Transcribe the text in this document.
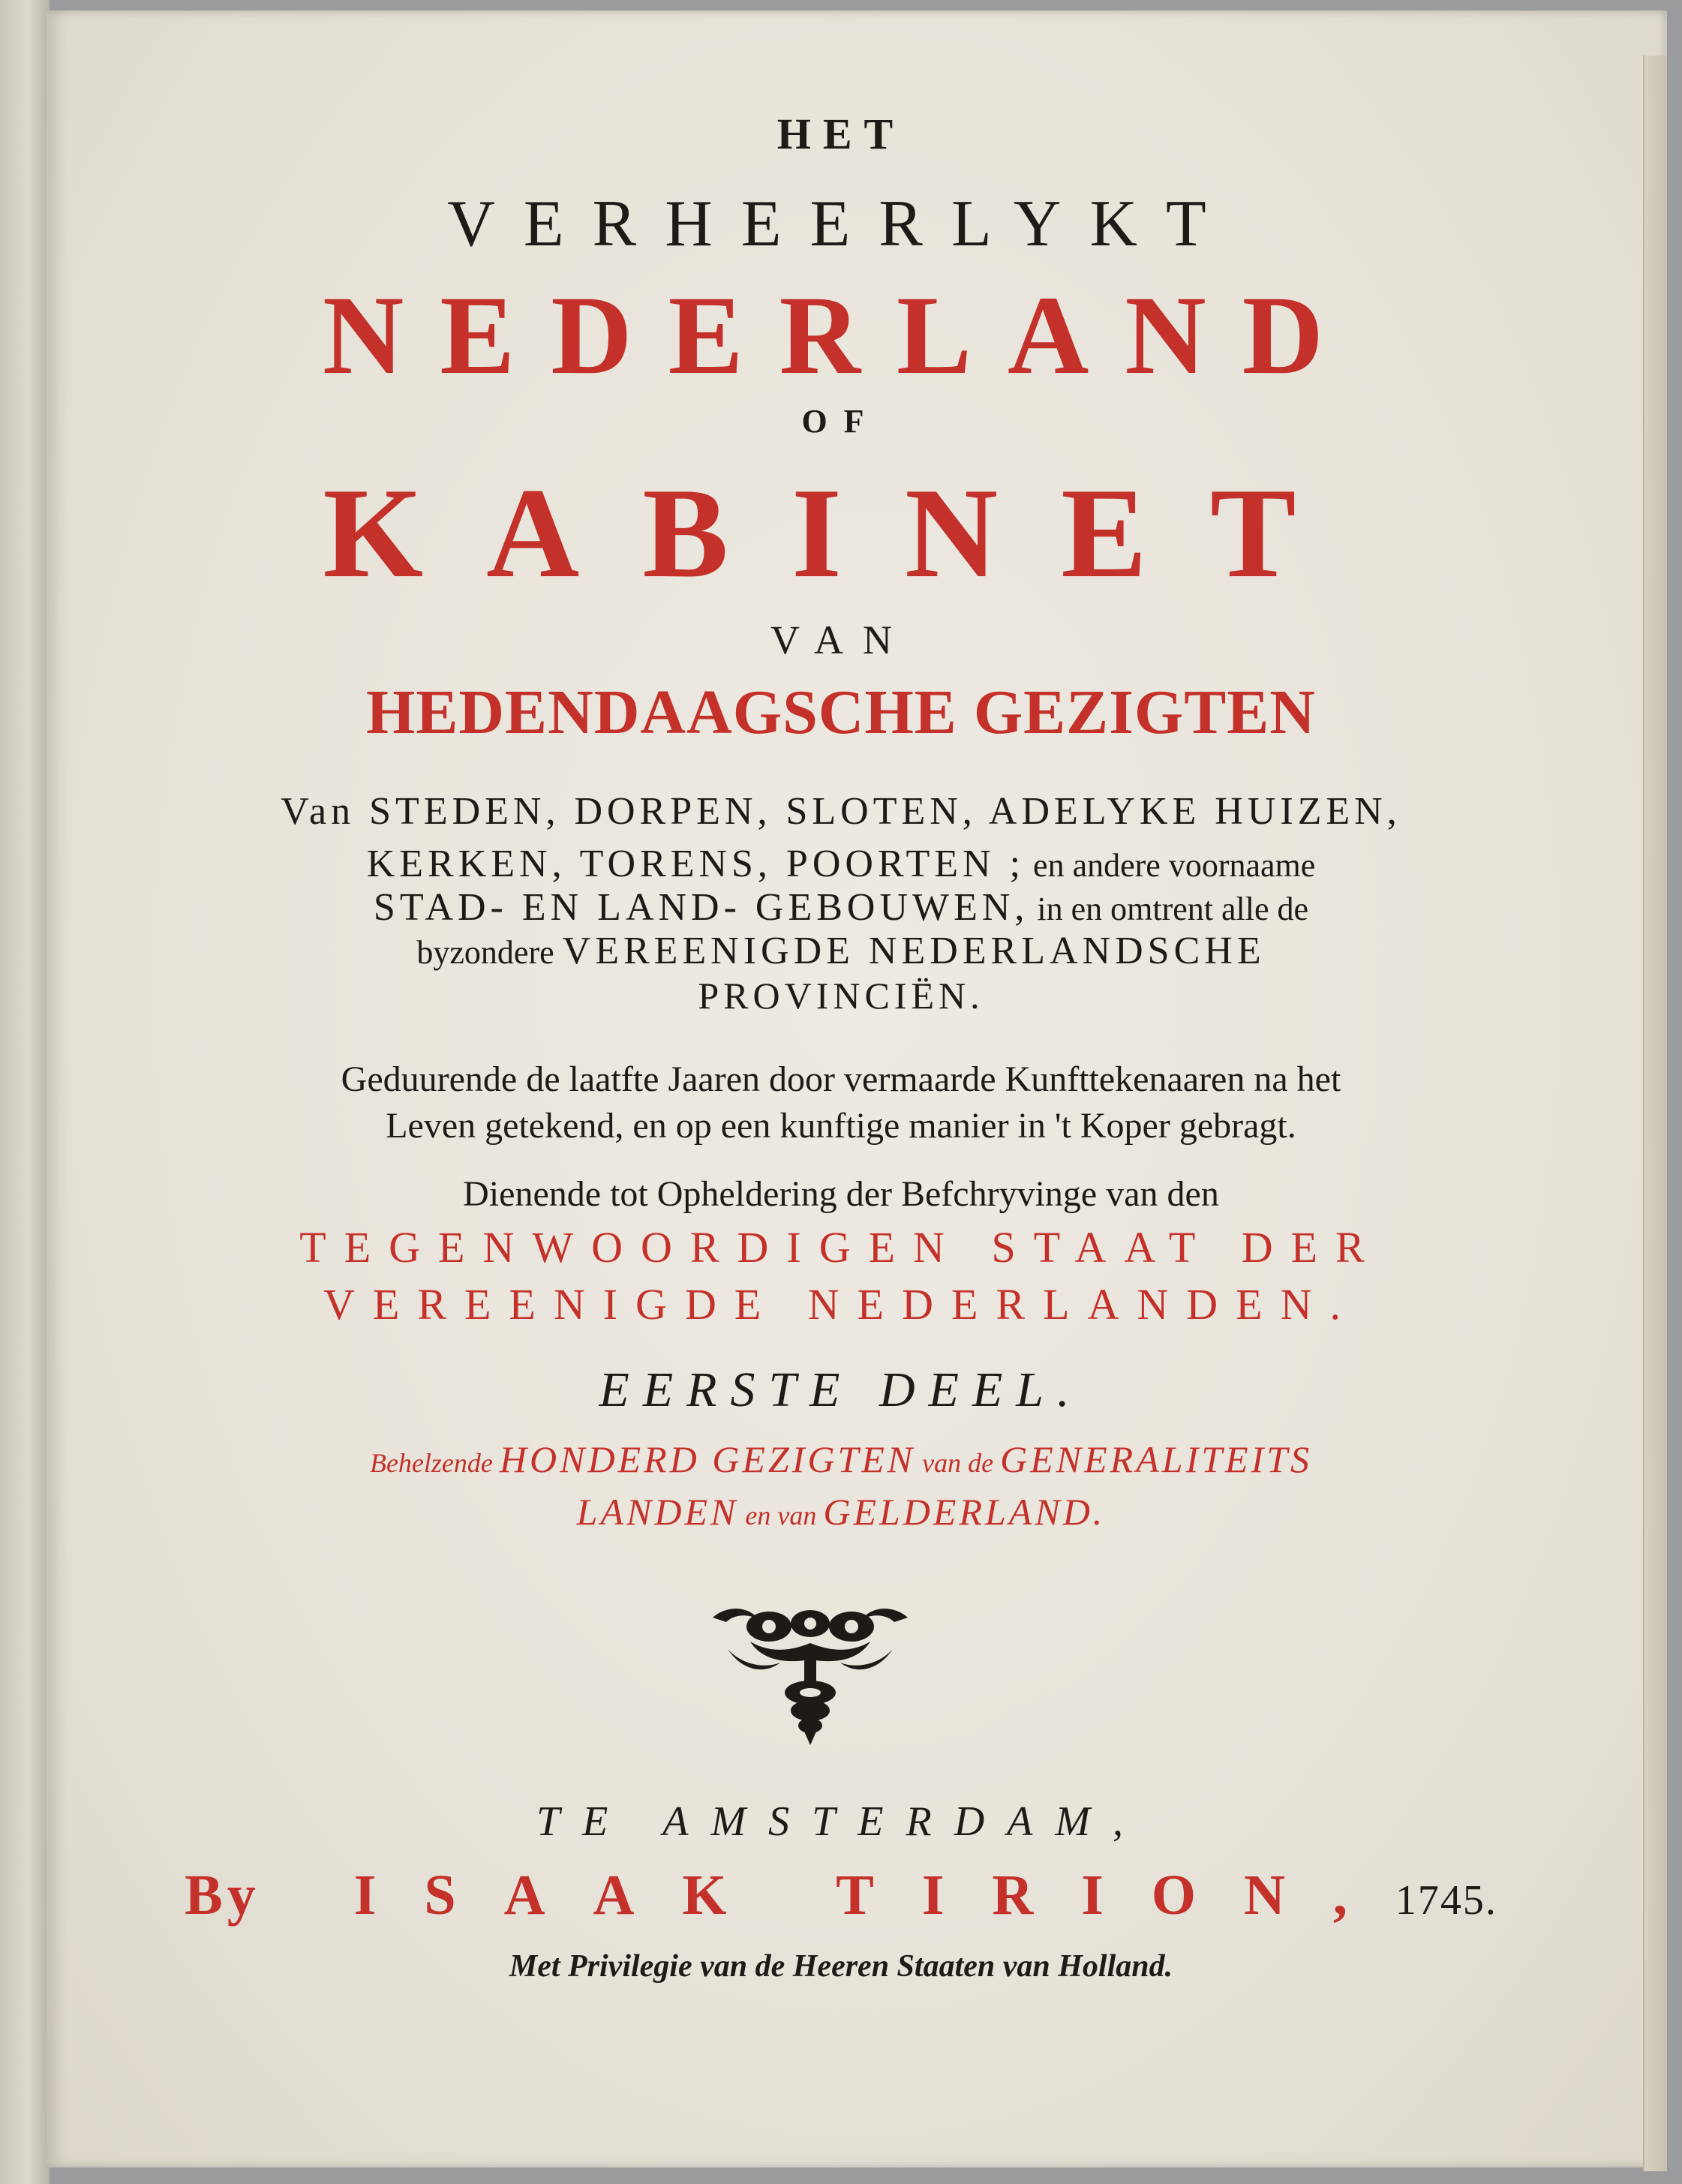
HET
VERHEERLYKT
NEDERLAND
OF
KABINET
VAN
HEDENDAAGSCHE GEZIGTEN
Van STEDEN, DORPEN, SLOTEN, ADELYKE HUIZEN,
KERKEN, TORENS, POORTEN ; en andere voornaame
STAD- EN LAND- GEBOUWEN, in en omtrent alle de
byzondere VEREENIGDE NEDERLANDSCHE
PROVINCIËN.
Geduurende de laatfte Jaaren door vermaarde Kunfttekenaaren na het
Leven getekend, en op een kunftige manier in 't Koper gebragt.
Dienende tot Opheldering der Befchryvinge van den
TEGENWOORDIGEN STAAT DER
VEREENIGDE NEDERLANDEN.
EERSTE DEEL.
Behelzende HONDERD GEZIGTEN van de GENERALITEITS
LANDEN en van GELDERLAND.
TE AMSTERDAM,
By ISAAK TIRION,1745.
Met Privilegie van de Heeren Staaten van Holland.
